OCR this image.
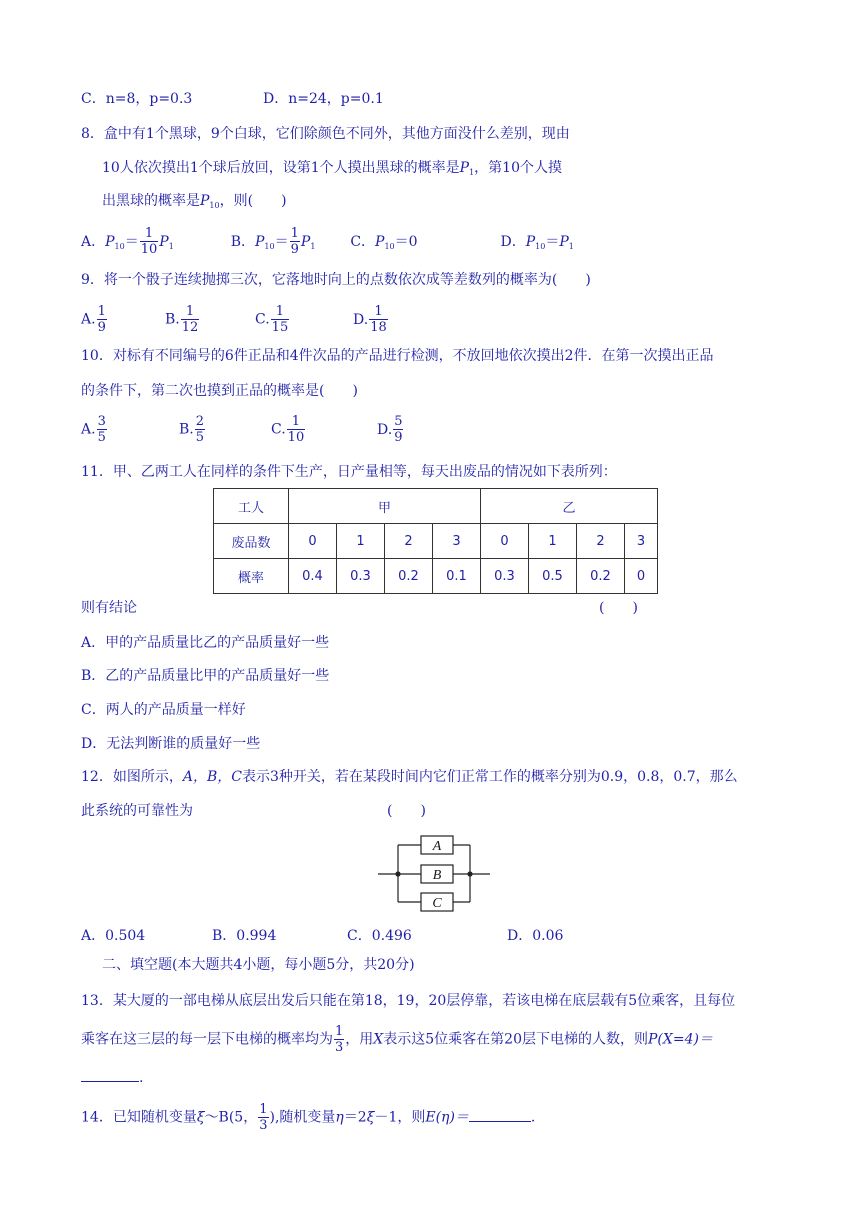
C．n=8，p=0.3	D．n=24，p=0.1
8．盒中有1个黑球，9个白球，它们除颜色不同外，其他方面没什么差别，现由
10人依次摸出1个球后放回，设第1个人摸出黑球的概率是$P_1$，第10个人摸
出黑球的概率是$P_{10}$，则(　　)
A．$P_{10}= \frac{1}{10} P_1$	B．$P_{10}= \frac{1}{9} P_1$ C．$P_{10}=0$	D．$P_{10}=P_1$
9．将一个骰子连续抛掷三次，它落地时向上的点数依次成等差数列的概率为(　　)
A. $\frac{1}{9}$	B. $\frac{1}{12}$	C. $\frac{1}{15}$	D. $\frac{1}{18}$
10．对标有不同编号的6件正品和4件次品的产品进行检测，不放回地依次摸出2件．在第一次摸出正品
的条件下，第二次也摸到正品的概率是(　　)
A. $\frac{3}{5}$	B. $\frac{2}{5}$	C. $\frac{1}{10}$	D. $\frac{5}{9}$
11．甲、乙两工人在同样的条件下生产，日产量相等，每天出废品的情况如下表所列：
工人	甲				乙			
废品数	0	1	2	3	0	1	2	3
概率	0.4	0.3	0.2	0.1	0.3	0.5	0.2	0
则有结论	(　　)
A．甲的产品质量比乙的产品质量好一些
B．乙的产品质量比甲的产品质量好一些
C．两人的产品质量一样好
D．无法判断谁的质量好一些
12．如图所示，A，B，C表示3种开关，若在某段时间内它们正常工作的概率分别为0.9，0.8，0.7，那么
此系统的可靠性为	(　　)
A
B
C
A．0.504	B．0.994	C．0.496	D．0.06
二、填空题(本大题共4小题，每小题5分，共20分)
13．某大厦的一部电梯从底层出发后只能在第18，19，20层停靠，若该电梯在底层载有5位乘客，且每位
乘客在这三层的每一层下电梯的概率均为 $\frac{1}{3}$ ，用X表示这5位乘客在第20层下电梯的人数，则P(X=4)＝
.
14．已知随机变量ξ～B(5， $\frac{1}{3}$ ),随机变量η＝2ξ－1，则E(η)＝	.
